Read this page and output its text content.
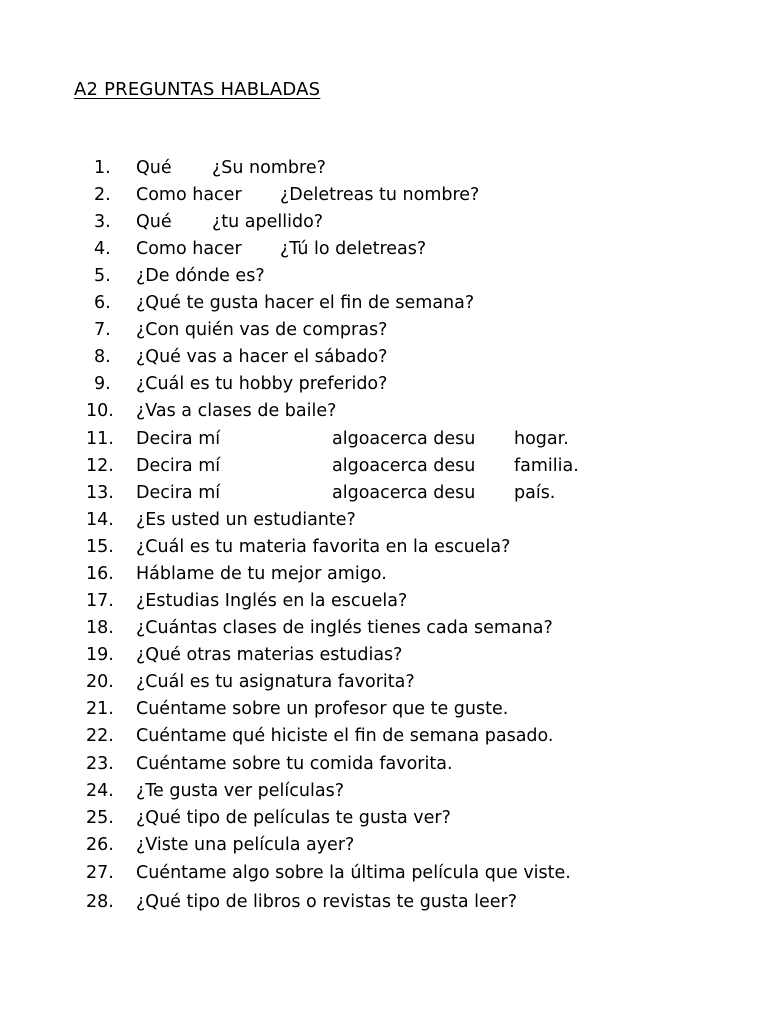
A2 PREGUNTAS HABLADAS
1. Qué ¿Su nombre?
2. Como hacer ¿Deletreas tu nombre?
3. Qué ¿tu apellido?
4. Como hacer ¿Tú lo deletreas?
5. ¿De dónde es?
6. ¿Qué te gusta hacer el fin de semana?
7. ¿Con quién vas de compras?
8. ¿Qué vas a hacer el sábado?
9. ¿Cuál es tu hobby preferido?
10. ¿Vas a clases de baile?
11. Decira mí	algoacerca desu hogar.
12. Decira mí	algoacerca desu familia.
13. Decira mí	algoacerca desu país.
14. ¿Es usted un estudiante?
15. ¿Cuál es tu materia favorita en la escuela?
16. Háblame de tu mejor amigo.
17. ¿Estudias Inglés en la escuela?
18. ¿Cuántas clases de inglés tienes cada semana?
19. ¿Qué otras materias estudias?
20. ¿Cuál es tu asignatura favorita?
21. Cuéntame sobre un profesor que te guste.
22. Cuéntame qué hiciste el fin de semana pasado.
23. Cuéntame sobre tu comida favorita.
24. ¿Te gusta ver películas?
25. ¿Qué tipo de películas te gusta ver?
26. ¿Viste una película ayer?
27. Cuéntame algo sobre la última película que viste.
28. ¿Qué tipo de libros o revistas te gusta leer?
